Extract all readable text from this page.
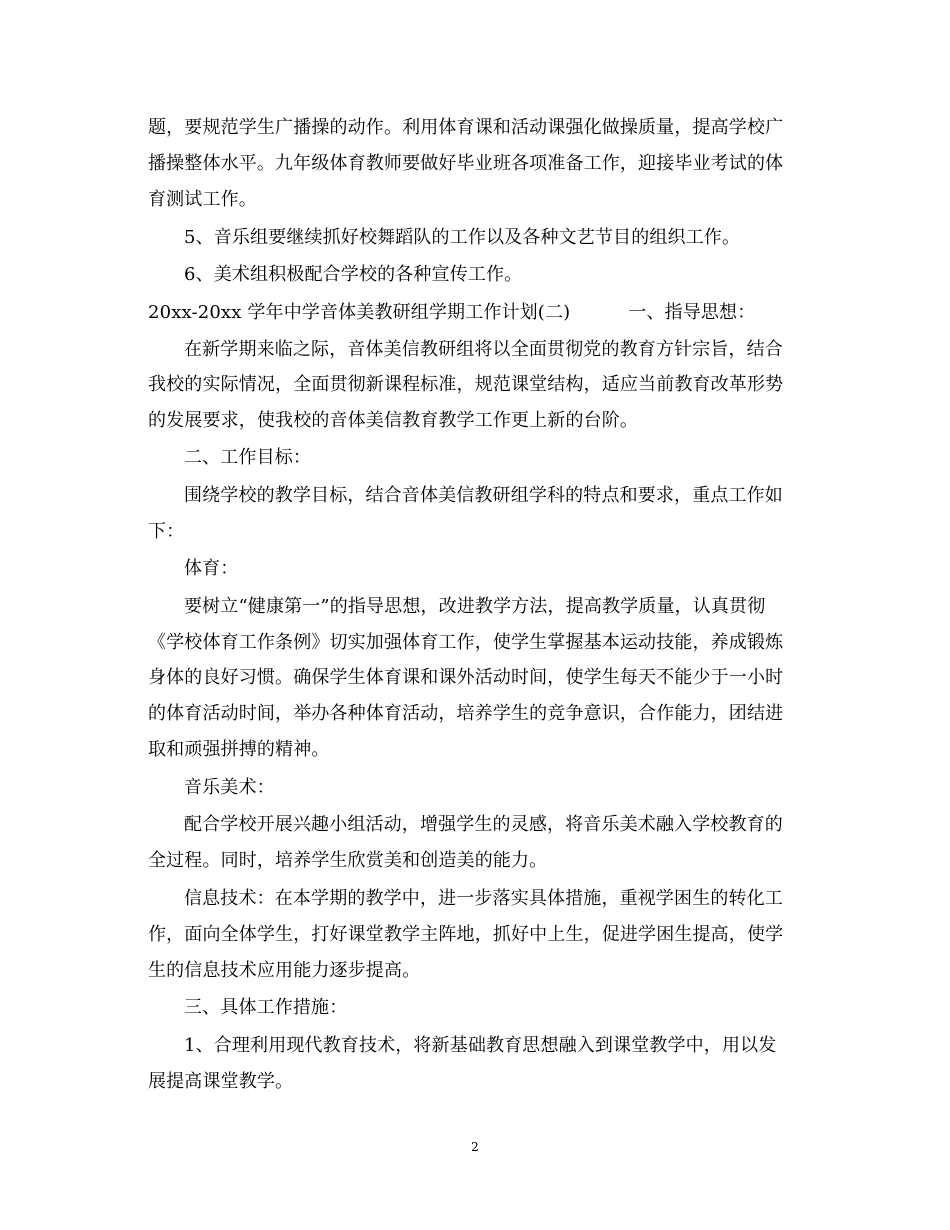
题，要规范学生广播操的动作。利用体育课和活动课强化做操质量，提高学校广
播操整体水平。九年级体育教师要做好毕业班各项准备工作，迎接毕业考试的体
育测试工作。
5、音乐组要继续抓好校舞蹈队的工作以及各种文艺节目的组织工作。
6、美术组积极配合学校的各种宣传工作。
20xx-20xx 学年中学音体美教研组学期工作计划(二)	一、指导思想：
在新学期来临之际，音体美信教研组将以全面贯彻党的教育方针宗旨，结合
我校的实际情况，全面贯彻新课程标准，规范课堂结构，适应当前教育改革形势
的发展要求，使我校的音体美信教育教学工作更上新的台阶。
二、工作目标：
围绕学校的教学目标，结合音体美信教研组学科的特点和要求，重点工作如
下：
体育：
要树立“健康第一”的指导思想，改进教学方法，提高教学质量，认真贯彻
《学校体育工作条例》切实加强体育工作，使学生掌握基本运动技能，养成锻炼
身体的良好习惯。确保学生体育课和课外活动时间，使学生每天不能少于一小时
的体育活动时间，举办各种体育活动，培养学生的竞争意识，合作能力，团结进
取和顽强拼搏的精神。
音乐美术：
配合学校开展兴趣小组活动，增强学生的灵感，将音乐美术融入学校教育的
全过程。同时，培养学生欣赏美和创造美的能力。
信息技术：在本学期的教学中，进一步落实具体措施，重视学困生的转化工
作，面向全体学生，打好课堂教学主阵地，抓好中上生，促进学困生提高，使学
生的信息技术应用能力逐步提高。
三、具体工作措施：
1、合理利用现代教育技术，将新基础教育思想融入到课堂教学中，用以发
展提高课堂教学。
2
